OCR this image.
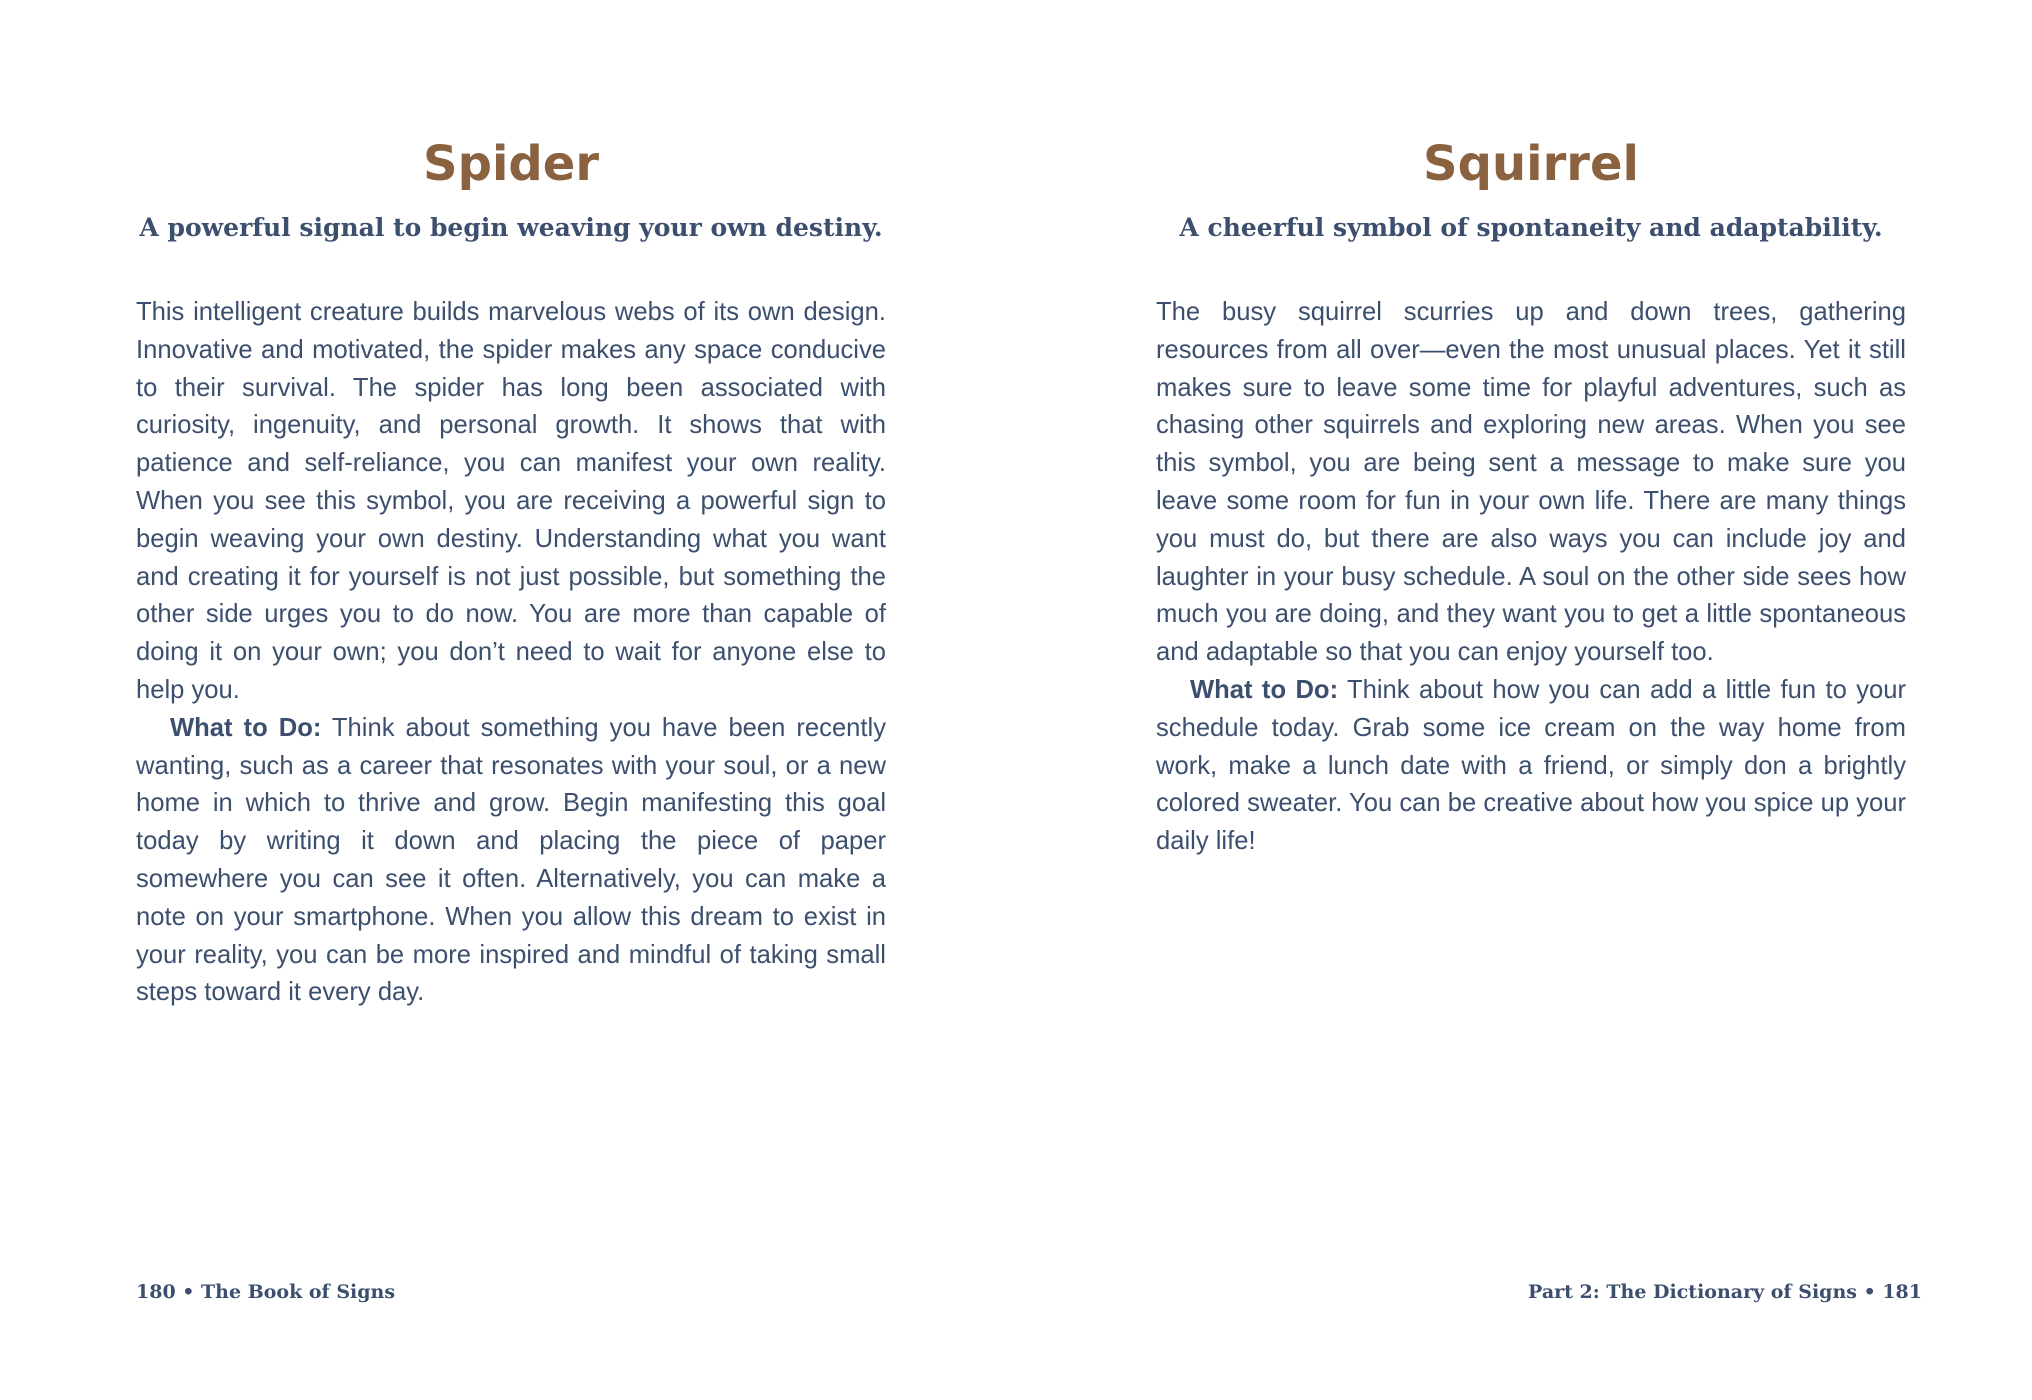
Spider
A powerful signal to begin weaving your own destiny.

This intelligent creature builds marvelous webs of its own design. Innovative and motivated, the spider makes any space conducive to their survival. The spider has long been associated with curiosity, ingenuity, and personal growth. It shows that with patience and self-reliance, you can manifest your own reality. When you see this symbol, you are receiving a powerful sign to begin weaving your own destiny. Understanding what you want and creating it for yourself is not just possible, but something the other side urges you to do now. You are more than capable of doing it on your own; you don’t need to wait for anyone else to help you.

What to Do: Think about something you have been recently wanting, such as a career that resonates with your soul, or a new home in which to thrive and grow. Begin manifesting this goal today by writing it down and placing the piece of paper somewhere you can see it often. Alternatively, you can make a note on your smartphone. When you allow this dream to exist in your reality, you can be more inspired and mindful of taking small steps toward it every day.

180 • The Book of Signs
Squirrel
A cheerful symbol of spontaneity and adaptability.

The busy squirrel scurries up and down trees, gathering resources from all over—even the most unusual places. Yet it still makes sure to leave some time for playful adventures, such as chasing other squirrels and exploring new areas. When you see this symbol, you are being sent a message to make sure you leave some room for fun in your own life. There are many things you must do, but there are also ways you can include joy and laughter in your busy schedule. A soul on the other side sees how much you are doing, and they want you to get a little spontaneous and adaptable so that you can enjoy yourself too.

What to Do: Think about how you can add a little fun to your schedule today. Grab some ice cream on the way home from work, make a lunch date with a friend, or simply don a brightly colored sweater. You can be creative about how you spice up your daily life!

Part 2: The Dictionary of Signs • 181
